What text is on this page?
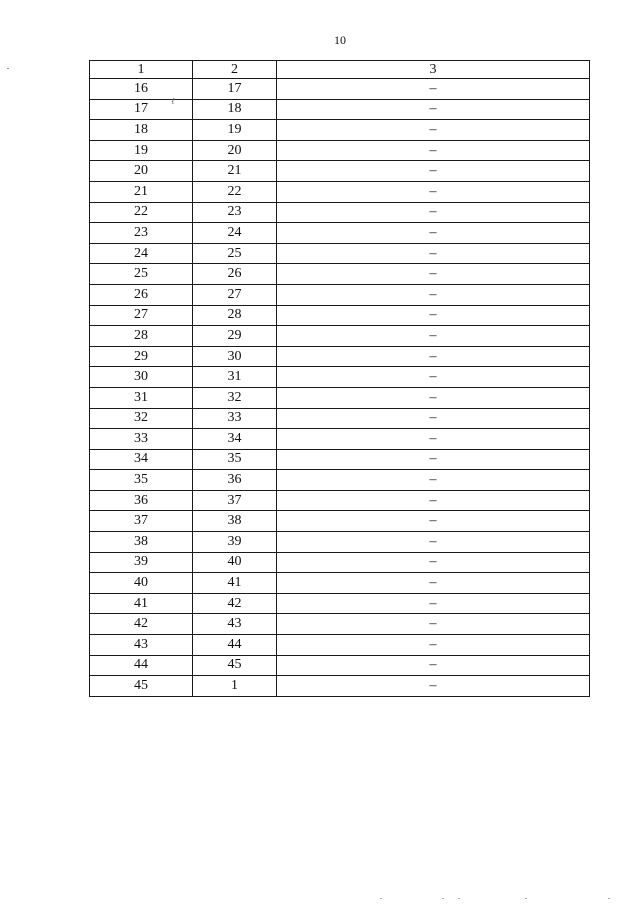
10
1	2	3
16	17	–
17	18	–
18	19	–
19	20	–
20	21	–
21	22	–
22	23	–
23	24	–
24	25	–
25	26	–
26	27	–
27	28	–
28	29	–
29	30	–
30	31	–
31	32	–
32	33	–
33	34	–
34	35	–
35	36	–
36	37	–
37	38	–
38	39	–
39	40	–
40	41	–
41	42	–
42	43	–
43	44	–
44	45	–
45	1	–
ℓ
